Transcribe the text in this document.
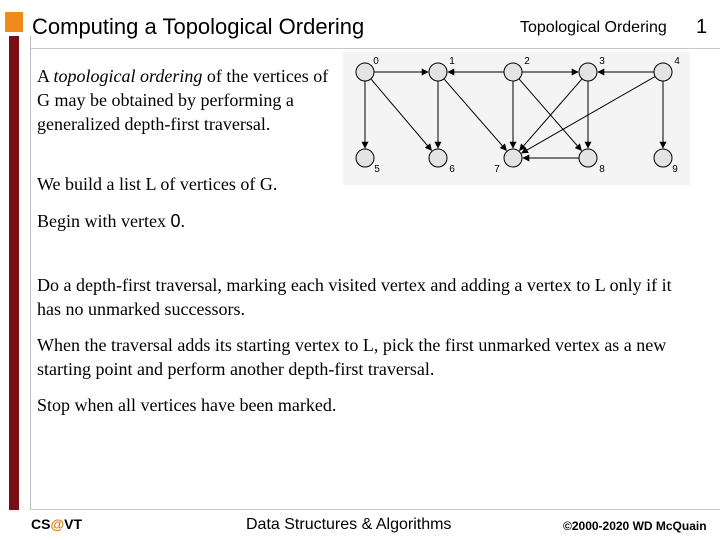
Computing a Topological Ordering	Topological Ordering 1
A topological ordering of the vertices of G may be obtained by performing a generalized depth-first traversal.
We build a list L of vertices of G.
Begin with vertex 0.
Do a depth-first traversal, marking each visited vertex and adding a vertex to L only if it has no unmarked successors.
When the traversal adds its starting vertex to L, pick the first unmarked vertex as a new starting point and perform another depth-first traversal.
Stop when all vertices have been marked.
0	1	2	3	4
5	6	7	8	9
CS@VT	Data Structures & Algorithms	©2000-2020 WD McQuain
